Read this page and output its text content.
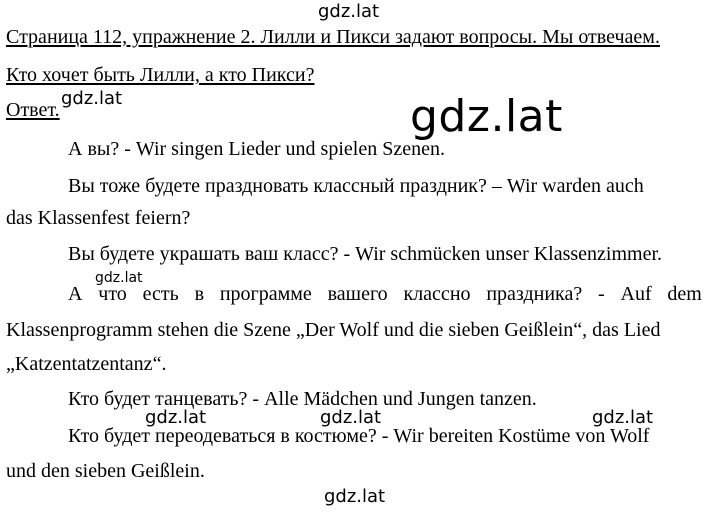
gdz.lat
Страница 112, упражнение 2. Лилли и Пикси задают вопросы. Мы отвечаем.
Кто хочет быть Лилли, а кто Пикси?
Ответ.
gdz.lat	gdz.lat
А вы? - Wir singen Lieder und spielen Szenen.
Вы тоже будете праздновать классный праздник? – Wir warden auch
das Klassenfest feiern?
Вы будете украшать ваш класс? - Wir schmücken unser Klassenzimmer.
gdz.lat
А что есть в программе вашего классно праздника? - Auf dem
Klassenprogramm stehen die Szene „Der Wolf und die sieben Geißlein“, das Lied
„Katzentatzentanz“.
Кто будет танцевать? - Alle Mädchen und Jungen tanzen.
gdz.lat	gdz.lat	gdz.lat
Кто будет переодеваться в костюме? - Wir bereiten Kostüme von Wolf
und den sieben Geißlein.
gdz.lat
